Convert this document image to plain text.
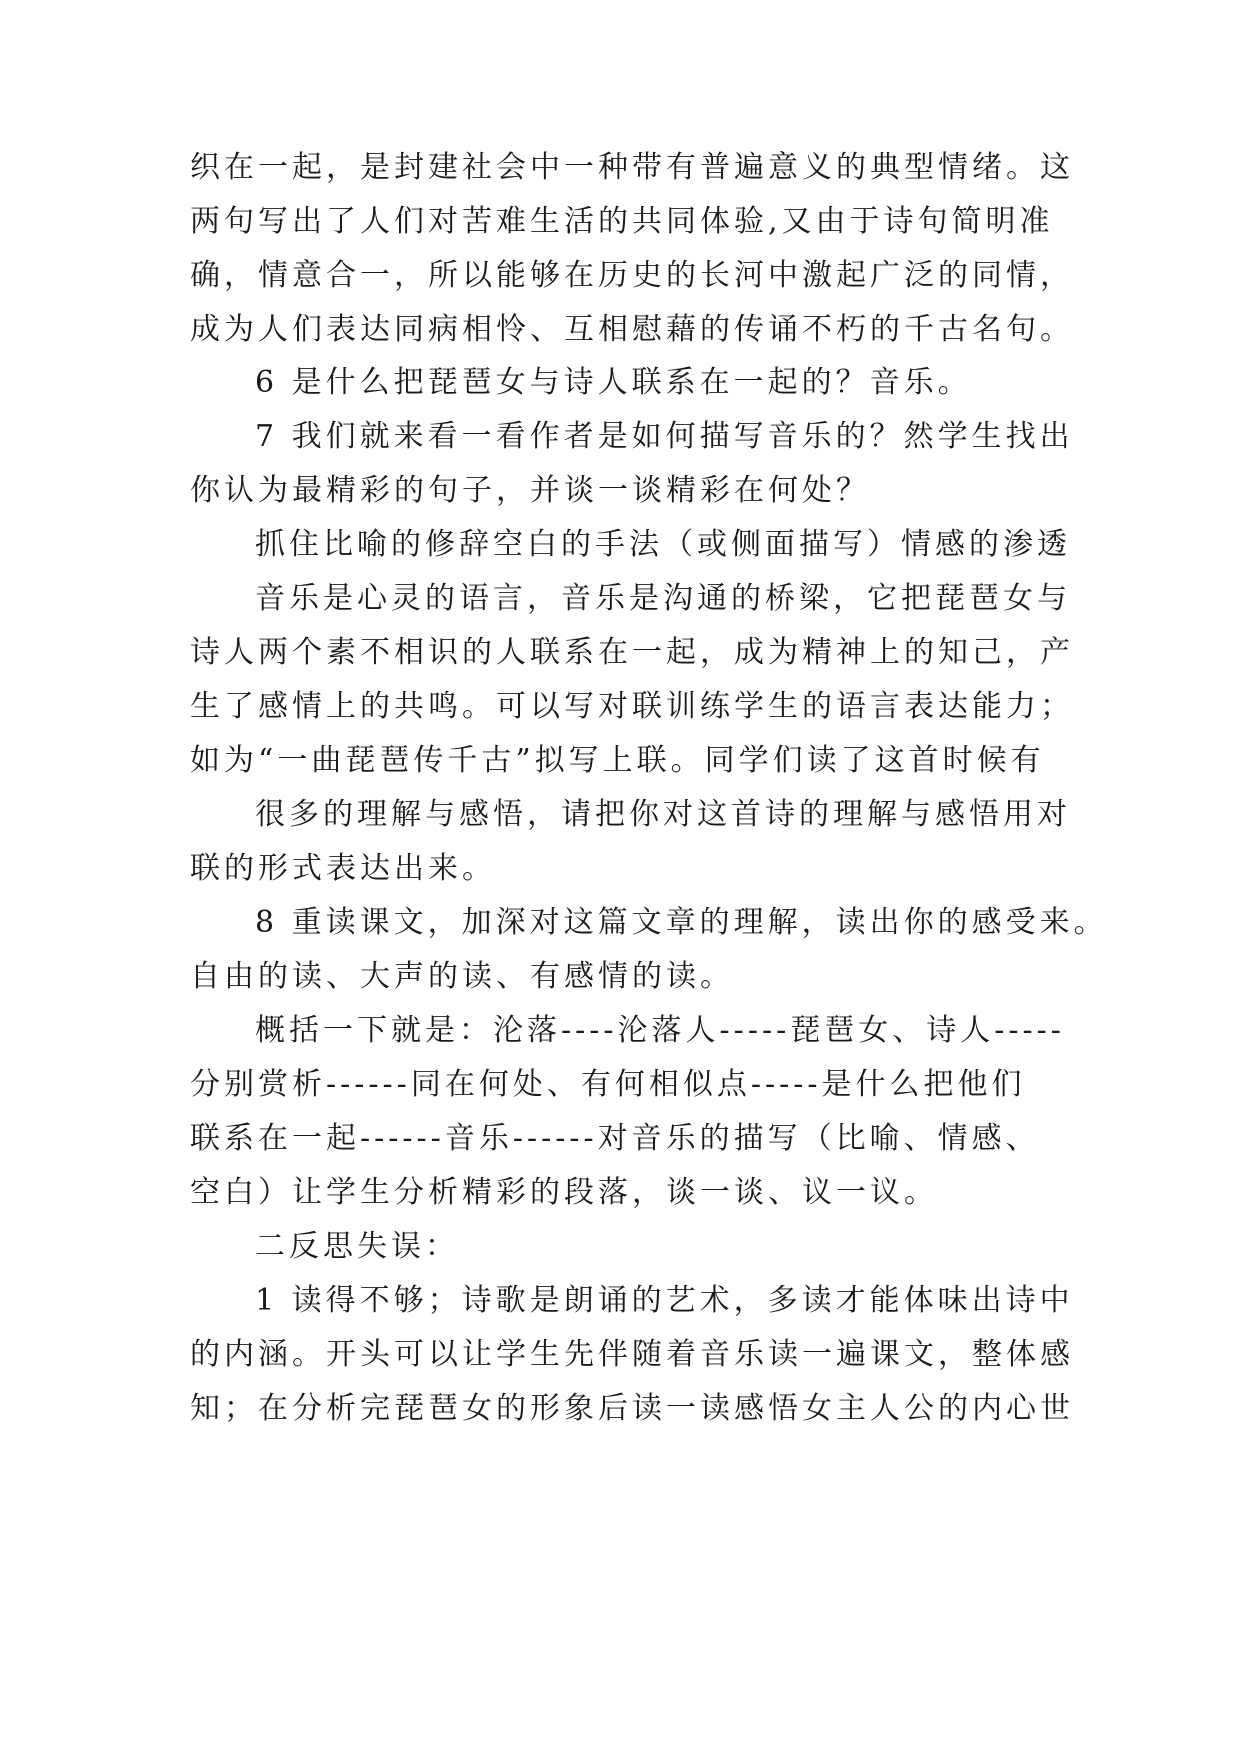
织在一起，是封建社会中一种带有普遍意义的典型情绪。这
两句写出了人们对苦难生活的共同体验,又由于诗句简明准
确，情意合一，所以能够在历史的长河中激起广泛的同情，
成为人们表达同病相怜、互相慰藉的传诵不朽的千古名句。
6 是什么把琵琶女与诗人联系在一起的？音乐。
7 我们就来看一看作者是如何描写音乐的？然学生找出
你认为最精彩的句子，并谈一谈精彩在何处？
抓住比喻的修辞空白的手法（或侧面描写）情感的渗透
音乐是心灵的语言，音乐是沟通的桥梁，它把琵琶女与
诗人两个素不相识的人联系在一起，成为精神上的知己，产
生了感情上的共鸣。可以写对联训练学生的语言表达能力；
如为“一曲琵琶传千古”拟写上联。同学们读了这首时候有
很多的理解与感悟，请把你对这首诗的理解与感悟用对
联的形式表达出来。
8 重读课文，加深对这篇文章的理解，读出你的感受来。
自由的读、大声的读、有感情的读。
概括一下就是：沦落----沦落人-----琵琶女、诗人-----
分别赏析------同在何处、有何相似点-----是什么把他们
联系在一起------音乐------对音乐的描写（比喻、情感、
空白）让学生分析精彩的段落，谈一谈、议一议。
二反思失误：
1 读得不够；诗歌是朗诵的艺术，多读才能体味出诗中
的内涵。开头可以让学生先伴随着音乐读一遍课文，整体感
知；在分析完琵琶女的形象后读一读感悟女主人公的内心世
